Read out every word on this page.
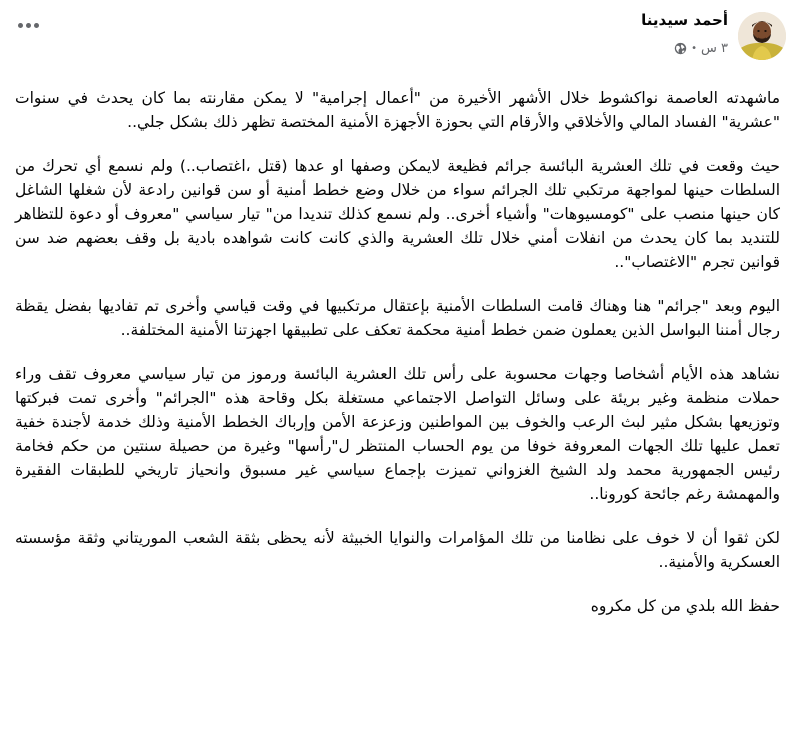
أحمد سيدينا
٣ س
•

ماشهدته العاصمة نواكشوط خلال الأشهر الأخيرة من "أعمال إجرامية" لا يمكن مقارنته بما كان يحدث في سنوات "عشرية" الفساد المالي والأخلاقي والأرقام التي بحوزة الأجهزة الأمنية المختصة تظهر ذلك بشكل جلي..

حيث وقعت في تلك العشرية البائسة جرائم فظيعة لايمكن وصفها او عدها (قتل ،اغتصاب..) ولم نسمع أي تحرك من السلطات حينها لمواجهة مرتكبي تلك الجرائم سواء من خلال وضع خطط أمنية أو سن قوانين رادعة لأن شغلها الشاغل كان حينها منصب على "كومسيوهات" وأشياء أخرى.. ولم نسمع كذلك تنديدا من" تيار سياسي "معروف أو دعوة للتظاهر للتنديد بما كان يحدث من انفلات أمني خلال تلك العشرية والذي كانت كانت شواهده بادية بل وقف بعضهم ضد سن قوانين تجرم "الاغتصاب"..

اليوم وبعد "جرائم" هنا وهناك قامت السلطات الأمنية بإعتقال مرتكبيها في وقت قياسي وأخرى تم تفاديها بفضل يقظة رجال أمننا البواسل الذين يعملون ضمن خطط أمنية محكمة تعكف على تطبيقها اجهزتنا الأمنية المختلفة..

نشاهد هذه الأيام أشخاصا وجهات محسوبة على رأس تلك العشرية البائسة ورموز من تيار سياسي معروف تقف وراء حملات منظمة وغير بريئة على وسائل التواصل الاجتماعي مستغلة بكل وقاحة هذه "الجرائم" وأخرى تمت فبركتها وتوزيعها بشكل مثير لبث الرعب والخوف بين المواطنين وزعزعة الأمن وإرباك الخطط الأمنية وذلك خدمة لأجندة خفية تعمل عليها تلك الجهات المعروفة خوفا من يوم الحساب المنتظر ل"رأسها" وغيرة من حصيلة سنتين من حكم فخامة رئيس الجمهورية محمد ولد الشيخ الغزواني تميزت بإجماع سياسي غير مسبوق وانحياز تاريخي للطبقات الفقيرة والمهمشة رغم جائحة كورونا..

لكن ثقوا أن لا خوف على نظامنا من تلك المؤامرات والنوايا الخبيثة لأنه يحظى بثقة الشعب الموريتاني وثقة مؤسسته العسكرية والأمنية..

حفظ الله بلدي من كل مكروه
